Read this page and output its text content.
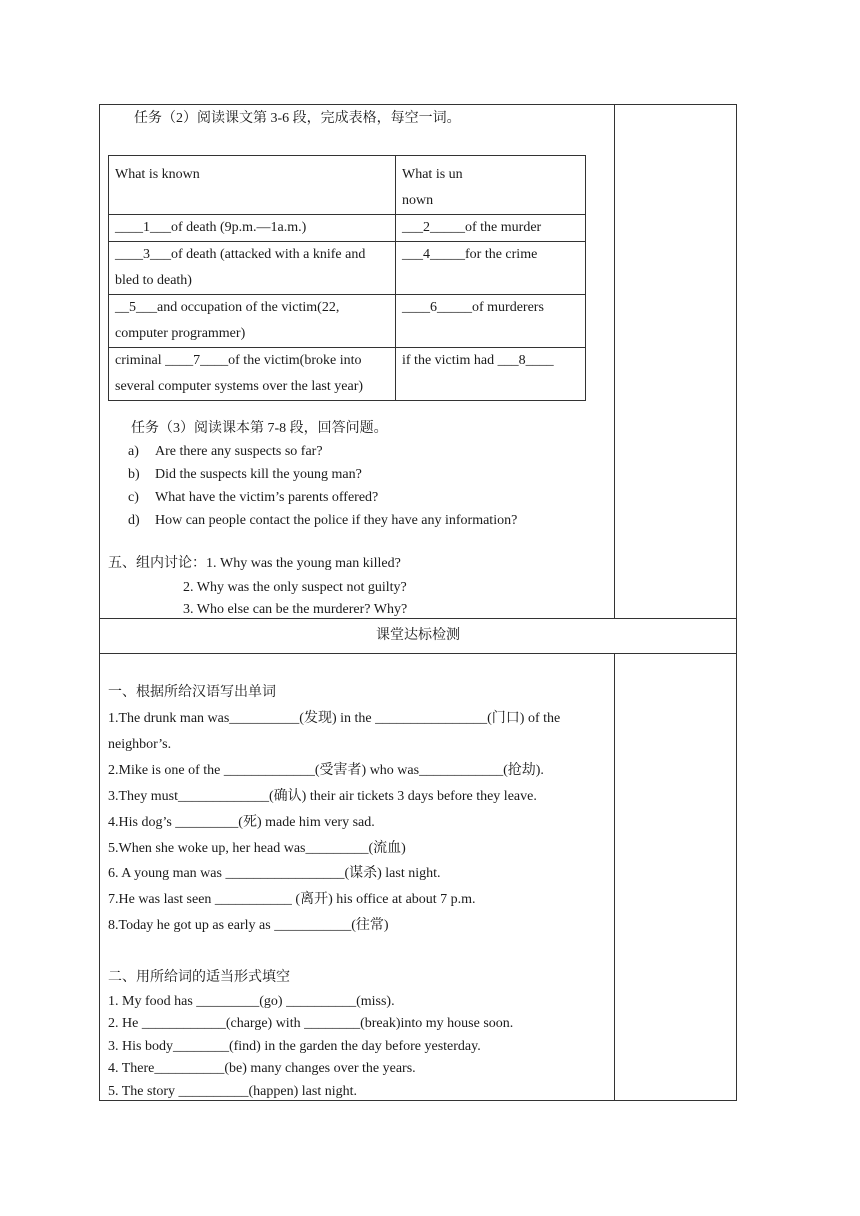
任务（2）阅读课文第 3-6 段，完成表格，每空一词。
What is known	What is un
nown
____1___of death (9p.m.—1a.m.)	___2_____of the murder
____3___of death (attacked with a knife and bled to death)	___4_____for the crime
__5___and occupation of the victim(22, computer programmer)	____6_____of murderers
criminal ____7____of the victim(broke into several computer systems over the last year)	if the victim had ___8____
任务（3）阅读课本第 7-8 段，回答问题。
a) Are there any suspects so far?
b) Did the suspects kill the young man?
c) What have the victim’s parents offered?
d) How can people contact the police if they have any information?
五、组内讨论：1. Why was the young man killed?
2. Why was the only suspect not guilty?
3. Who else can be the murderer? Why?
课堂达标检测
一、根据所给汉语写出单词
1.The drunk man was__________(发现) in the ________________(门口) of the
neighbor’s.
2.Mike is one of the _____________(受害者) who was____________(抢劫).
3.They must_____________(确认) their air tickets 3 days before they leave.
4.His dog’s _________(死) made him very sad.
5.When she woke up, her head was_________(流血)
6. A young man was _________________(谋杀) last night.
7.He was last seen ___________ (离开) his office at about 7 p.m.
8.Today he got up as early as ___________(往常)
二、用所给词的适当形式填空
1. My food has _________(go) __________(miss).
2. He ____________(charge) with ________(break)into my house soon.
3. His body________(find) in the garden the day before yesterday.
4. There__________(be) many changes over the years.
5. The story __________(happen) last night.
